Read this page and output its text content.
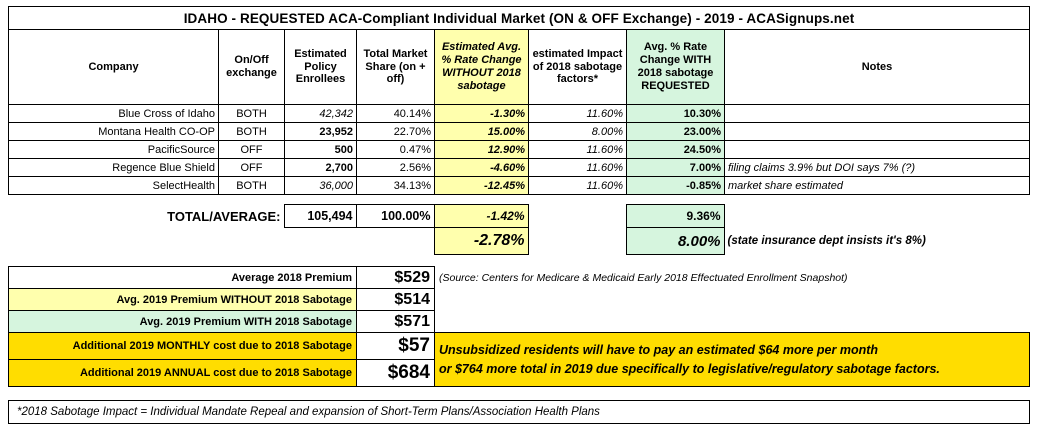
IDAHO - REQUESTED ACA-Compliant Individual Market (ON & OFF Exchange) - 2019 - ACASignups.net							
Company	On/Off exchange	Estimated Policy Enrollees	Total Market Share (on + off)	Estimated Avg. % Rate Change WITHOUT 2018 sabotage	estimated Impact of 2018 sabotage factors*	Avg. % Rate Change WITH 2018 sabotage REQUESTED	Notes
Blue Cross of Idaho	BOTH	42,342	40.14%	-1.30%	11.60%	10.30%	
Montana Health CO-OP	BOTH	23,952	22.70%	15.00%	8.00%	23.00%	
PacificSource	OFF	500	0.47%	12.90%	11.60%	24.50%	
Regence Blue Shield	OFF	2,700	2.56%	-4.60%	11.60%	7.00%	filing claims 3.9% but DOI says 7% (?)
SelectHealth	BOTH	36,000	34.13%	-12.45%	11.60%	-0.85%	market share estimated
TOTAL/AVERAGE:	105,494	100.00%	-1.42%		9.36%	
			-2.78%		8.00%	(state insurance dept insists it's 8%)
Average 2018 Premium	$529	(Source: Centers for Medicare & Medicaid Early 2018 Effectuated Enrollment Snapshot)
Avg. 2019 Premium WITHOUT 2018 Sabotage	$514	
Avg. 2019 Premium WITH 2018 Sabotage	$571	
Additional 2019 MONTHLY cost due to 2018 Sabotage	$57	Unsubsidized residents will have to pay an estimated $64 more per month
or $764 more total in 2019 due specifically to legislative/regulatory sabotage factors.

Additional 2019 ANNUAL cost due to 2018 Sabotage	$684	
*2018 Sabotage Impact = Individual Mandate Repeal and expansion of Short-Term Plans/Association Health Plans
